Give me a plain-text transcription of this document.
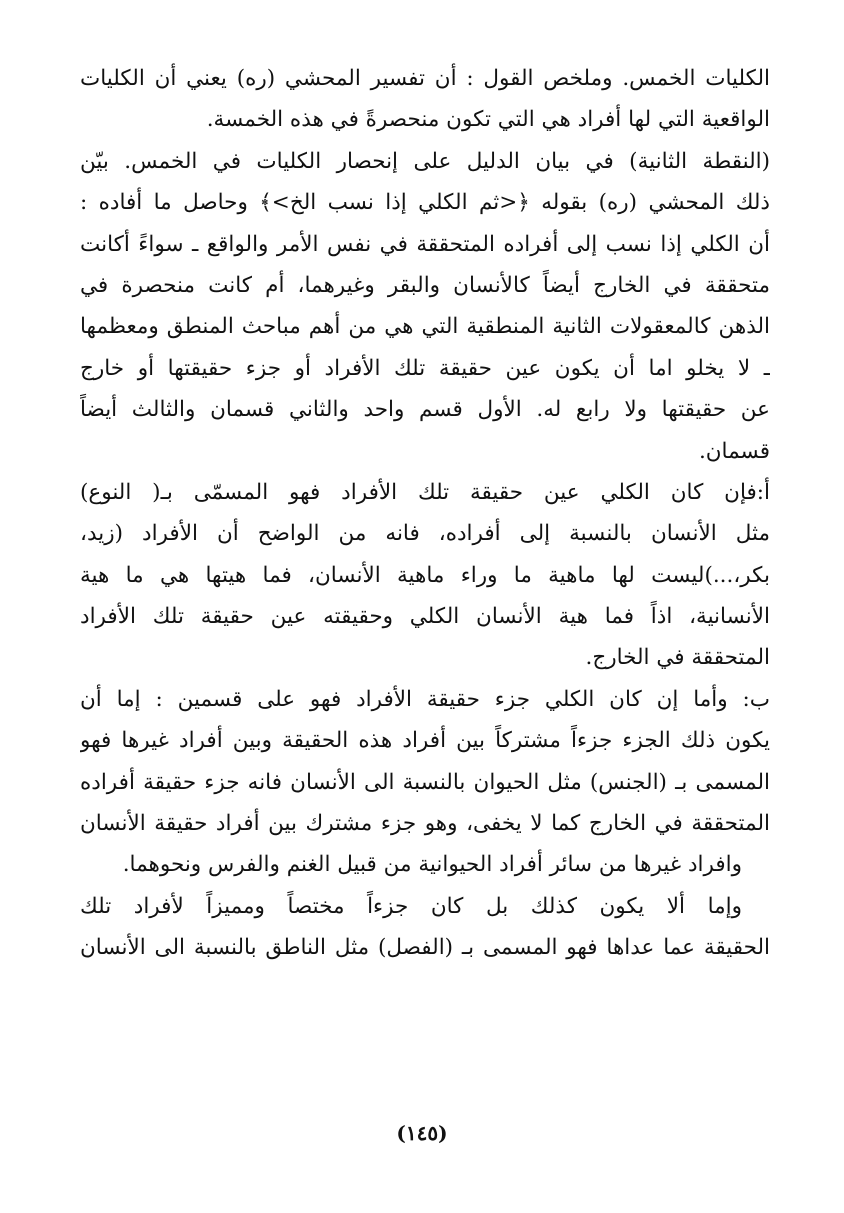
الكليات الخمس. وملخص القول : أن تفسير المحشي (ره) يعني أن الكليات
الواقعية التي لها أفراد هي التي تكون منحصرةً في هذه الخمسة.
(النقطة الثانية) في بيان الدليل على إنحصار الكليات في الخمس. بيّن
ذلك المحشي (ره) بقوله ﴿<ثم الكلي إذا نسب الخ>﴾ وحاصل ما أفاده :
أن الكلي إذا نسب إلى أفراده المتحققة في نفس الأمر والواقع ـ سواءً أكانت
متحققة في الخارج أيضاً كالأنسان والبقر وغيرهما، أم كانت منحصرة في
الذهن كالمعقولات الثانية المنطقية التي هي من أهم مباحث المنطق ومعظمها
ـ لا يخلو اما أن يكون عين حقيقة تلك الأفراد أو جزء حقيقتها أو خارج
عن حقيقتها ولا رابع له. الأول قسم واحد والثاني قسمان والثالث أيضاً
قسمان.
أ:فإن كان الكلي عين حقيقة تلك الأفراد فهو المسمّى بـ( النوع)
مثل الأنسان بالنسبة إلى أفراده، فانه من الواضح أن الأفراد (زيد،
بكر،...)ليست لها ماهية ما وراء ماهية الأنسان، فما هيتها هي ما هية
الأنسانية، اذاً فما هية الأنسان الكلي وحقيقته عين حقيقة تلك الأفراد
المتحققة في الخارج.
ب: وأما إن كان الكلي جزء حقيقة الأفراد فهو على قسمين : إما أن
يكون ذلك الجزء جزءاً مشتركاً بين أفراد هذه الحقيقة وبين أفراد غيرها فهو
المسمى بـ (الجنس) مثل الحيوان بالنسبة الى الأنسان فانه جزء حقيقة أفراده
المتحققة في الخارج كما لا يخفى، وهو جزء مشترك بين أفراد حقيقة الأنسان
وافراد غيرها من سائر أفراد الحيوانية من قبيل الغنم والفرس ونحوهما.
وإما ألا يكون كذلك بل كان جزءاً مختصاً ومميزاً لأفراد تلك
الحقيقة عما عداها فهو المسمى بـ (الفصل) مثل الناطق بالنسبة الى الأنسان
(١٤٥)
